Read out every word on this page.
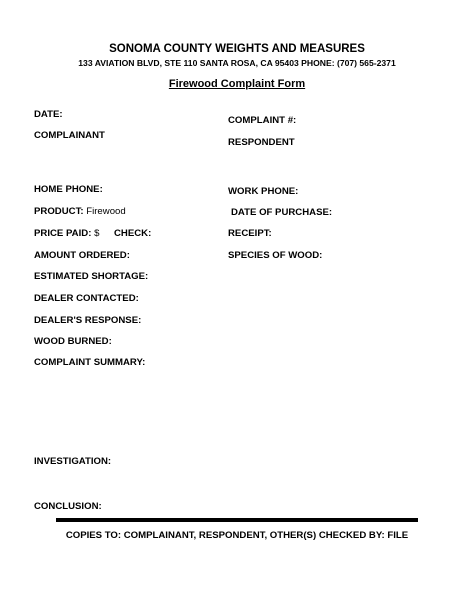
SONOMA COUNTY WEIGHTS AND MEASURES
133 AVIATION BLVD, STE 110 SANTA ROSA, CA 95403 PHONE: (707) 565-2371
Firewood Complaint Form
DATE:
COMPLAINANT
HOME PHONE:
PRODUCT: Firewood
PRICE PAID: $ CHECK:
AMOUNT ORDERED:
ESTIMATED SHORTAGE:
DEALER CONTACTED:
DEALER'S RESPONSE:
WOOD BURNED:
COMPLAINT SUMMARY:
INVESTIGATION:
CONCLUSION:
COMPLAINT #:
RESPONDENT
WORK PHONE:
DATE OF PURCHASE:
RECEIPT:
SPECIES OF WOOD:
COPIES TO: COMPLAINANT, RESPONDENT, OTHER(S) CHECKED BY: FILE
